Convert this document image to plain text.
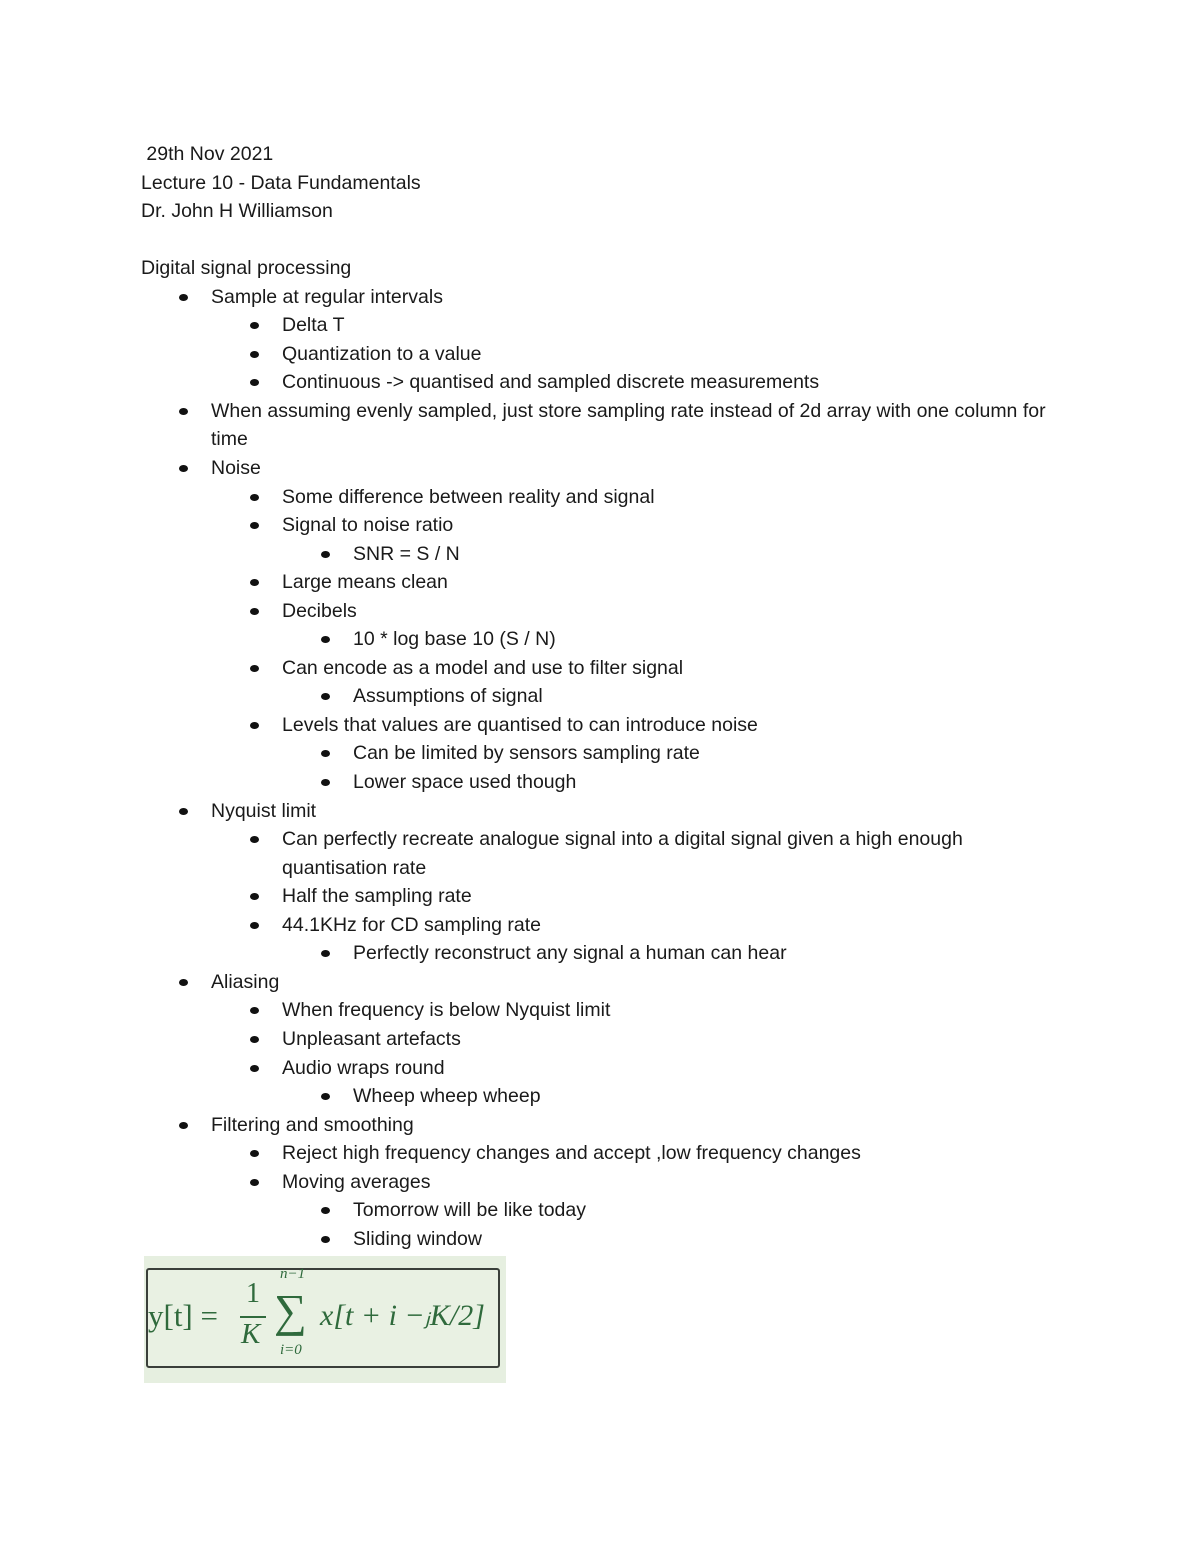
29th Nov 2021
Lecture 10 - Data Fundamentals
Dr. John H Williamson
Digital signal processing
Sample at regular intervals
Delta T
Quantization to a value
Continuous -> quantised and sampled discrete measurements
When assuming evenly sampled, just store sampling rate instead of 2d array with one column for time
Noise
Some difference between reality and signal
Signal to noise ratio
SNR = S / N
Large means clean
Decibels
10 * log base 10 (S / N)
Can encode as a model and use to filter signal
Assumptions of signal
Levels that values are quantised to can introduce noise
Can be limited by sensors sampling rate
Lower space used though
Nyquist limit
Can perfectly recreate analogue signal into a digital signal given a high enough quantisation rate
Half the sampling rate
44.1KHz for CD sampling rate
Perfectly reconstruct any signal a human can hear
Aliasing
When frequency is below Nyquist limit
Unpleasant artefacts
Audio wraps round
Wheep wheep wheep
Filtering and smoothing
Reject high frequency changes and accept ,low frequency changes
Moving averages
Tomorrow will be like today
Sliding window
y[t] =
1
K
n−1
∑
i=0
x[t + i −ⱼK/2]
